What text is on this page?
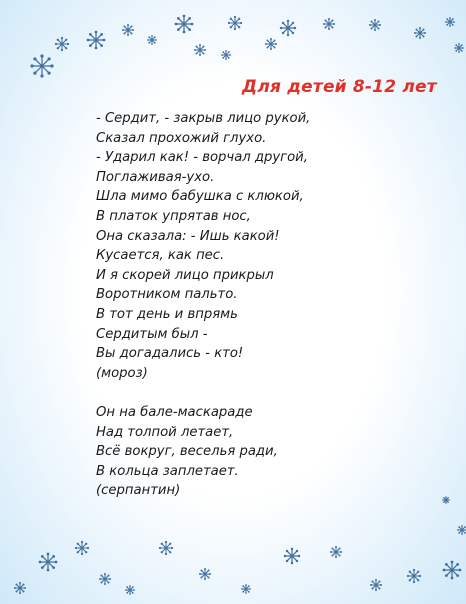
Для детей 8-12 лет
- Сердит, - закрыв лицо рукой,
Сказал прохожий глухо.
- Ударил как! - ворчал другой,
Поглаживая-ухо.
Шла мимо бабушка с клюкой,
В платок упрятав нос,
Она сказала: - Ишь какой!
Кусается, как пес.
И я скорей лицо прикрыл
Воротником пальто.
В тот день и впрямь
Сердитым был -
Вы догадались - кто!
(мороз)
Он на бале-маскараде
Над толпой летает,
Всё вокруг, веселья ради,
В кольца заплетает.
(серпантин)
